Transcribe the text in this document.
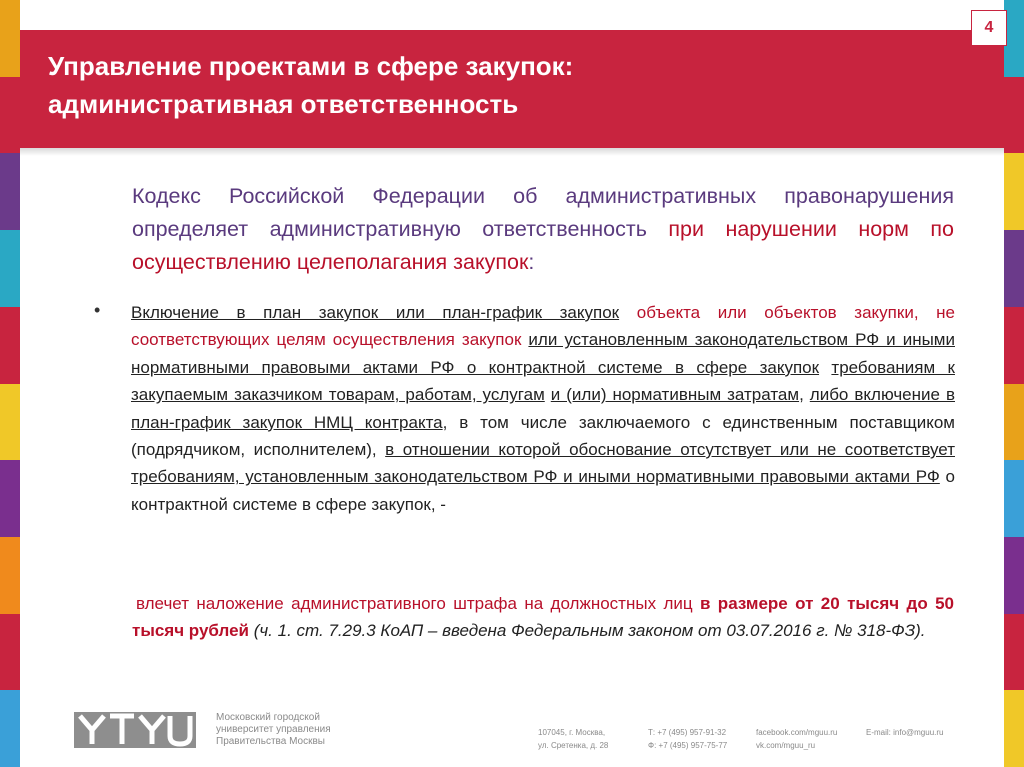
Управление проектами в сфере закупок:
административная ответственность
4
Кодекс Российской Федерации об административных правонарушения определяет административную ответственность при нарушении норм по осуществлению целеполагания закупок:
• Включение в план закупок или план-график закупок объекта или объектов закупки, не соответствующих целям осуществления закупок или установленным законодательством РФ и иными нормативными правовыми актами РФ о контрактной системе в сфере закупок требованиям к закупаемым заказчиком товарам, работам, услугам и (или) нормативным затратам, либо включение в план-график закупок НМЦ контракта, в том числе заключаемого с единственным поставщиком (подрядчиком, исполнителем), в отношении которой обоснование отсутствует или не соответствует требованиям, установленным законодательством РФ и иными нормативными правовыми актами РФ о контрактной системе в сфере закупок, -
влечет наложение административного штрафа на должностных лиц в размере от 20 тысяч до 50 тысяч рублей (ч. 1. ст. 7.29.3 КоАП – введена Федеральным законом от 03.07.2016 г. № 318-ФЗ).
Московский городской
университет управления
Правительства Москвы
107045, г. Москва,
ул. Сретенка, д. 28
Т: +7 (495) 957-91-32
Ф: +7 (495) 957-75-77
facebook.com/mguu.ru
vk.com/mguu_ru
E-mail: info@mguu.ru
